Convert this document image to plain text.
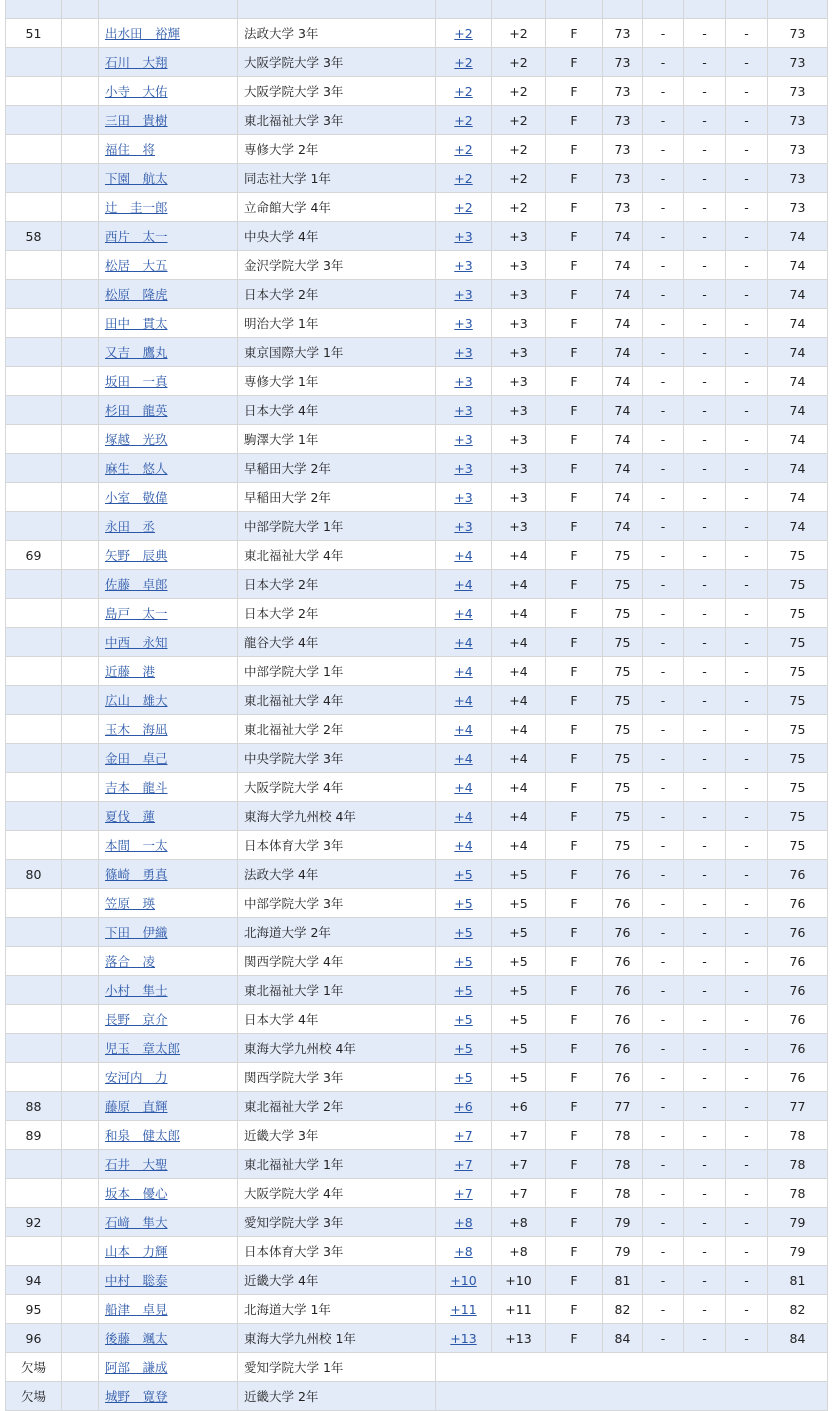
51		出水田　裕輝	法政大学 3年	+2	+2	F	73	-	-	-	73
		石川　大翔	大阪学院大学 3年	+2	+2	F	73	-	-	-	73
		小寺　大佑	大阪学院大学 3年	+2	+2	F	73	-	-	-	73
		三田　貴樹	東北福祉大学 3年	+2	+2	F	73	-	-	-	73
		福住　将	専修大学 2年	+2	+2	F	73	-	-	-	73
		下園　航太	同志社大学 1年	+2	+2	F	73	-	-	-	73
		辻　圭一郎	立命館大学 4年	+2	+2	F	73	-	-	-	73
58		西片　太一	中央大学 4年	+3	+3	F	74	-	-	-	74
		松居　大五	金沢学院大学 3年	+3	+3	F	74	-	-	-	74
		松原　隆虎	日本大学 2年	+3	+3	F	74	-	-	-	74
		田中　貫太	明治大学 1年	+3	+3	F	74	-	-	-	74
		又吉　鷹丸	東京国際大学 1年	+3	+3	F	74	-	-	-	74
		坂田　一真	専修大学 1年	+3	+3	F	74	-	-	-	74
		杉田　龍英	日本大学 4年	+3	+3	F	74	-	-	-	74
		塚越　光玖	駒澤大学 1年	+3	+3	F	74	-	-	-	74
		麻生　悠人	早稲田大学 2年	+3	+3	F	74	-	-	-	74
		小室　敬偉	早稲田大学 2年	+3	+3	F	74	-	-	-	74
		永田　丞	中部学院大学 1年	+3	+3	F	74	-	-	-	74
69		矢野　辰典	東北福祉大学 4年	+4	+4	F	75	-	-	-	75
		佐藤　卓郎	日本大学 2年	+4	+4	F	75	-	-	-	75
		島戸　太一	日本大学 2年	+4	+4	F	75	-	-	-	75
		中西　永知	龍谷大学 4年	+4	+4	F	75	-	-	-	75
		近藤　港	中部学院大学 1年	+4	+4	F	75	-	-	-	75
		広山　雄大	東北福祉大学 4年	+4	+4	F	75	-	-	-	75
		玉木　海凪	東北福祉大学 2年	+4	+4	F	75	-	-	-	75
		金田　卓己	中央学院大学 3年	+4	+4	F	75	-	-	-	75
		吉本　龍斗	大阪学院大学 4年	+4	+4	F	75	-	-	-	75
		夏伐　蓮	東海大学九州校 4年	+4	+4	F	75	-	-	-	75
		本間　一太	日本体育大学 3年	+4	+4	F	75	-	-	-	75
80		篠崎　勇真	法政大学 4年	+5	+5	F	76	-	-	-	76
		笠原　瑛	中部学院大学 3年	+5	+5	F	76	-	-	-	76
		下田　伊織	北海道大学 2年	+5	+5	F	76	-	-	-	76
		落合　凌	関西学院大学 4年	+5	+5	F	76	-	-	-	76
		小村　隼士	東北福祉大学 1年	+5	+5	F	76	-	-	-	76
		長野　京介	日本大学 4年	+5	+5	F	76	-	-	-	76
		児玉　章太郎	東海大学九州校 4年	+5	+5	F	76	-	-	-	76
		安河内　力	関西学院大学 3年	+5	+5	F	76	-	-	-	76
88		藤原　直輝	東北福祉大学 2年	+6	+6	F	77	-	-	-	77
89		和泉　健太郎	近畿大学 3年	+7	+7	F	78	-	-	-	78
		石井　大聖	東北福祉大学 1年	+7	+7	F	78	-	-	-	78
		坂本　優心	大阪学院大学 4年	+7	+7	F	78	-	-	-	78
92		石﨑　隼大	愛知学院大学 3年	+8	+8	F	79	-	-	-	79
		山本　力輝	日本体育大学 3年	+8	+8	F	79	-	-	-	79
94		中村　聡泰	近畿大学 4年	+10	+10	F	81	-	-	-	81
95		船津　卓見	北海道大学 1年	+11	+11	F	82	-	-	-	82
96		後藤　颯太	東海大学九州校 1年	+13	+13	F	84	-	-	-	84
欠場		阿部　謙成	愛知学院大学 1年								
欠場		城野　寛登	近畿大学 2年								
